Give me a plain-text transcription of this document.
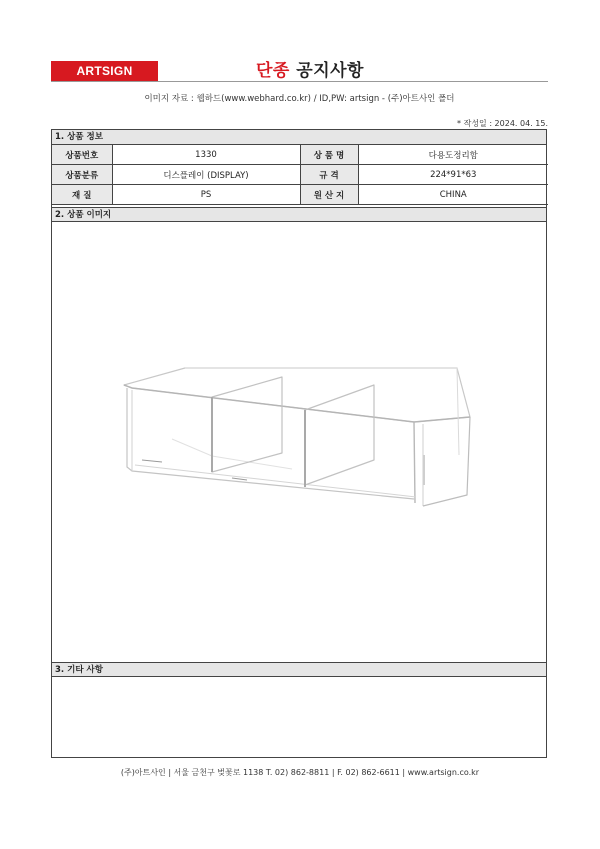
ARTSIGN	단종 공지사항
이미지 자료 : 웹하드(www.webhard.co.kr) / ID,PW: artsign - (주)아트사인 폴더
* 작성일 : 2024. 04. 15.
1. 상품 정보
상품번호	1330	상 품 명	다용도정리함
상품분류	디스플레이 (DISPLAY)	규 격	224*91*63
재 질	PS	원 산 지	CHINA
2. 상품 이미지
3. 기타 사항
(주)아트사인 | 서울 금천구 벚꽃로 1138 T. 02) 862-8811 | F. 02) 862-6611 | www.artsign.co.kr
